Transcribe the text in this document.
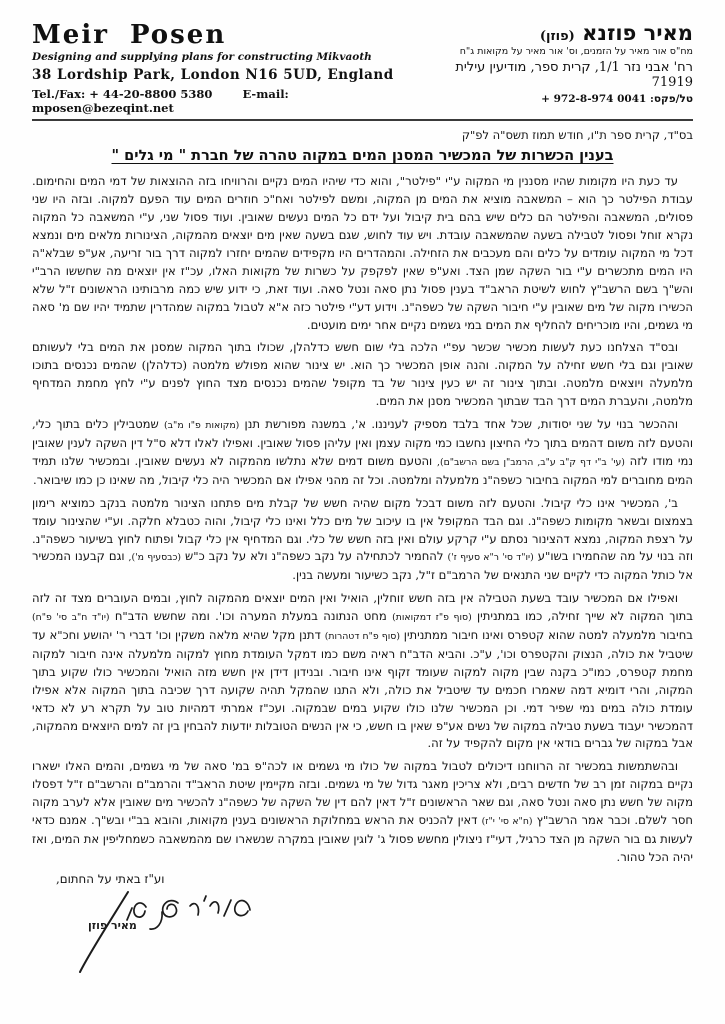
Meir Posen
Designing and supplying plans for constructing Mikvaoth
38 Lordship Park, London N16 5UD, England
Tel./Fax: + 44-20-8800 5380	E-mail: mposen@bezeqint.net
מאיר פוזנא (פוזן)
מח"ס אור מאיר על הזמנים, וס' אור מאיר על מקואות ג"ח
רח' אבני נזר 1/1, קרית ספר, מודיעין עילית 71919
טל/פקס: + 972-8-974 0041
בס"ד, קרית ספר ת"ו, חודש תמוז תשס"ה לפ"ק
בענין הכשרות של המכשיר המסנן המים במקוה טהרה של חברת " מי גלים "

עד כעת היו מקומות שהיו מסננין מי המקוה ע"י "פילטר", והוא כדי שיהיו המים נקיים והרוויחו בזה ההוצאות של דמי המים והחימום. עבודת הפילטר כך הוא – המשאבה מוציא את המים מן המקוה, ומשם לפילטר ואח"כ חוזרים המים עוד הפעם למקוה. ובזה היו שני פסולים, המשאבה והפילטר הם כלים שיש בהם בית קיבול ועל ידם כל המים נעשים שאובין. ועוד פסול שני, ע"י המשאבה כל המקוה נקרא זוחל ופסול לטבילה בשעה שהמשאבה עובדת. ויש עוד לחוש, שגם בשעה שאין מים יוצאים מהמקוה, הצינורות מלאים מים ונמצא דכל מי המקוה עומדים על כלים והם מעכבים את הזחילה. והמהדרים היו מקפידים שהמים יחזרו למקוה דרך בור זריעה, אע"פ שבלא"ה היו המים מתכשרים ע"י בור השקה שמן הצד. ואע"פ שאין לפקפק על כשרות של מקואות האלו, עכ"ז אין יוצאים מה שחששו הרב"י והש"ך בשם הרשב"ץ לחוש לשיטת הראב"ד בענין פסול נתן סאה ונטל סאה. ועוד זאת, כי ידוע שיש כמה מרבותינו הראשונים ז"ל שלא הכשירו מקוה של מים שאובין ע"י חיבור השקה של כשפה"נ. וידוע דע"י פילטר כזה א"א לטבול במקוה שמהדרין שתמיד יהיו שם מ' סאה מי גשמים, והיו מוכריחים להחליף את המים במי גשמים נקיים אחר ימים מועטים.

ובס"ד הצלחנו כעת לעשות מכשיר שכשר עפ"י הלכה בלי שום חשש כדלהלן, שכולו בתוך המקוה שמסנן את המים בלי לעשותם שאובין וגם בלי חשש זחילה על המקוה. והנה אופן המכשיר כך הוא. יש צינור שהוא מפולש מלמטה (כדלהלן) שהמים נכנסים בתוכו מלמעלה ויוצאים מלמטה. ובתוך צינור זה יש כעין צינור של בד מקופל שהמים נכנסים מצד החוץ לפנים ע"י לחץ מחמת המדחיף מלמטה, והעברת המים דרך הבד שבתוך המכשיר מסנן את המים.

וההכשר בנוי על שני יסודות, שכל אחד בלבד מספיק לעניננו. א', במשנה מפורשת תנן (מקואות פ"ו מ"ב) שמטבילין כלים בתוך כלי, והטעם לזה משום דהמים בתוך כלי החיצון נחשבו כמי מקוה עצמן ואין עליהן פסול שאובין. ואפילו לאלו דלא ס"ל דין השקה לענין שאובין נמי מודו לזה (עי' ב"י דף ק"ב ע"ב, הרמב"ן בשם הרשב"ם), והטעם משום דמים שלא נתלשו מהמקוה לא נעשים שאובין. ובמכשיר שלנו תמיד המים מחוברים למי המקוה בחיבור כשפה"נ מלמעלה ומלמטה. וכל זה מהני אפילו אם המכשיר היה כלי קיבול, מה שאינו כן כמו שיבואר.

ב', המכשיר אינו כלי קיבול. והטעם לזה משום דבכל מקום שהיה חשש של קבלת מים פתחנו הצינור מלמטה בנקב כמוציא רימון בצמצום ובשאר מקומות כשפה"נ. וגם הבד המקופל אין בו עיכוב של מים כלל ואינו כלי קיבול, והוה כטבלא חלקה. וע"י שהצינור עומד על רצפת המקוה, נמצא דהצינור נסתם ע"י קרקע עולם ואין בזה חשש של כלי. וגם המדחיף אין כלי קבול ופתוח לחוץ בשיעור כשפה"נ. וזה בנוי על מה שהחמירו בשו"ע (יו"ד סי' ר"א סעיף ז') להחמיר לכתחילה על נקב כשפה"נ ולא על נקב כ"ש (כבסעיף מ'), וגם קבענו המכשיר אל כותל המקוה כדי לקיים שני התנאים של הרמב"ם ז"ל, נקב כשיעור ומעשה בנין.

ואפילו אם המכשיר עובד בשעת הטבילה אין בזה חשש זוחלין, הואיל ואין המים יוצאים מהמקוה לחוץ, ובמים העוברים מצד זה לזה בתוך המקוה לא שייך זחילה, כמו במתניתין (סוף פ"ז דמקואות) מחט הנתונה במעלת המערה וכו'. ומה שחשש הדב"ח (יו"ד ח"ב סי' פ"ח) בחיבור מלמעלה למטה שהוא קטפרס ואינו חיבור ממתניתין (סוף פ"ח דטהרות) דתנן מקל שהיא מלאה משקין וכו' דברי ר' יהושע וחכ"א עד שיטביל את כולה, הנצוק והקטפרס וכו', ע"כ. והביא הדב"ח ראיה משם כמו דמקל העומדת מחוץ למקוה מלמעלה אינה חיבור למקוה מחמת קטפרס, כמו"כ בקנה שבין מקוה למקוה שעומד זקוף אינו חיבור. ובנידון דידן אין חשש מזה הואיל והמכשיר כולו שקוע בתוך המקוה, והרי דומיא דמה שאמרו חכמים עד שיטביל את כולה, ולא התנו שהמקל תהיה שקועה דרך שכיבה בתוך המקוה אלא אפילו עומדת כולה במים נמי שפיר דמי. וכן המכשיר שלנו כולו שקוע במים שבמקוה. ועכ"ז אמרתי דמהיות טוב על תקרא רע לא כדאי דהמכשיר יעבוד בשעת טבילה במקוה של נשים אע"פ שאין בו חשש, כי אין הנשים הטובלות יודעות להבחין בין זה למים היוצאים מהמקוה, אבל במקוה של גברים בודאי אין מקום להקפיד על זה.

ובהשתמשות במכשיר זה הרווחנו דיכולים לטבול במקוה של כולו מי גשמים או לכה"פ במ' סאה של מי גשמים, והמים האלו ישארו נקיים במקוה זמן רב של חדשים רבים, ולא צריכין מאגר גדול של מי גשמים. ובזה מקיימין שיטת הראב"ד והרמב"ם והרשב"ם ז"ל דפסלו מקוה של חשש נתן סאה ונטל סאה, וגם שאר הראשונים ז"ל דאין להם דין של השקה של כשפה"נ להכשיר מים שאובין אלא לערב מקוה חסר לשלם. וכבר אמר הרשב"ץ (ח"א סי' י"ז) דאין להכניס את הראש במחלוקת הראשונים בענין מקואות, והובא בב"י ובש"ך. אמנם כדאי לעשות גם בור השקה מן הצד כרגיל, דעי"ז ניצולין מחשש פסול ג' לוגין שאובין במקרה שנשארו שם מהמשאבה כשמחליפין את המים, ואז יהיה הכל טהור.

וע"ז באתי על החתום,
מאיר פוזן
